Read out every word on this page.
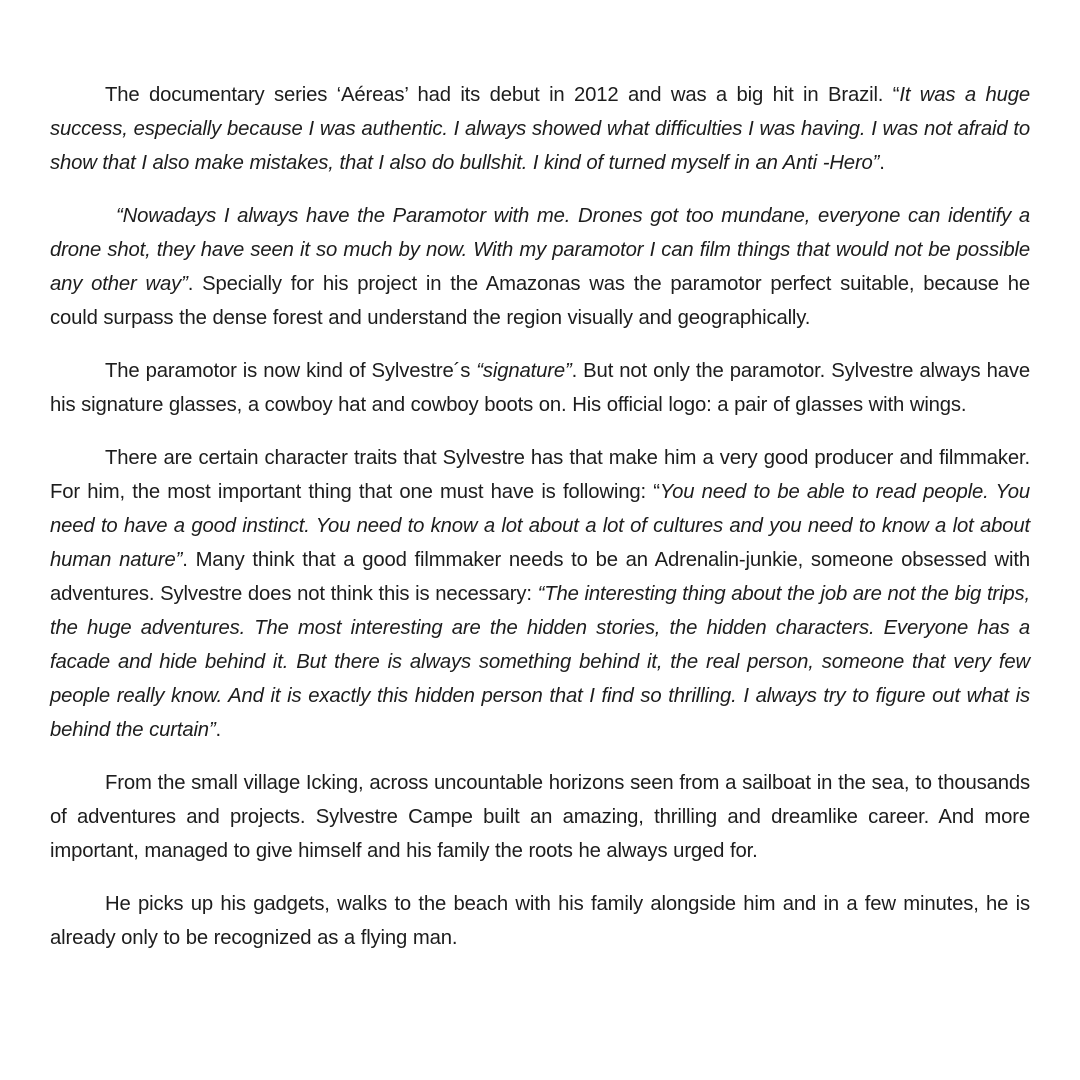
The documentary series ‘Aéreas’ had its debut in 2012 and was a big hit in Brazil. “It was a huge success, especially because I was authentic. I always showed what difficulties I was having. I was not afraid to show that I also make mistakes, that I also do bullshit. I kind of turned myself in an Anti -Hero”.

“Nowadays I always have the Paramotor with me. Drones got too mundane, everyone can identify a drone shot, they have seen it so much by now. With my paramotor I can film things that would not be possible any other way”. Specially for his project in the Amazonas was the paramotor perfect suitable, because he could surpass the dense forest and understand the region visually and geographically.

The paramotor is now kind of Sylvestre´s “signature”. But not only the paramotor. Sylvestre always have his signature glasses, a cowboy hat and cowboy boots on. His official logo: a pair of glasses with wings.

There are certain character traits that Sylvestre has that make him a very good producer and filmmaker. For him, the most important thing that one must have is following: “You need to be able to read people. You need to have a good instinct. You need to know a lot about a lot of cultures and you need to know a lot about human nature”. Many think that a good filmmaker needs to be an Adrenalin-junkie, someone obsessed with adventures. Sylvestre does not think this is necessary: “The interesting thing about the job are not the big trips, the huge adventures. The most interesting are the hidden stories, the hidden characters. Everyone has a facade and hide behind it. But there is always something behind it, the real person, someone that very few people really know. And it is exactly this hidden person that I find so thrilling. I always try to figure out what is behind the curtain”.

From the small village Icking, across uncountable horizons seen from a sailboat in the sea, to thousands of adventures and projects. Sylvestre Campe built an amazing, thrilling and dreamlike career. And more important, managed to give himself and his family the roots he always urged for.

He picks up his gadgets, walks to the beach with his family alongside him and in a few minutes, he is already only to be recognized as a flying man.
